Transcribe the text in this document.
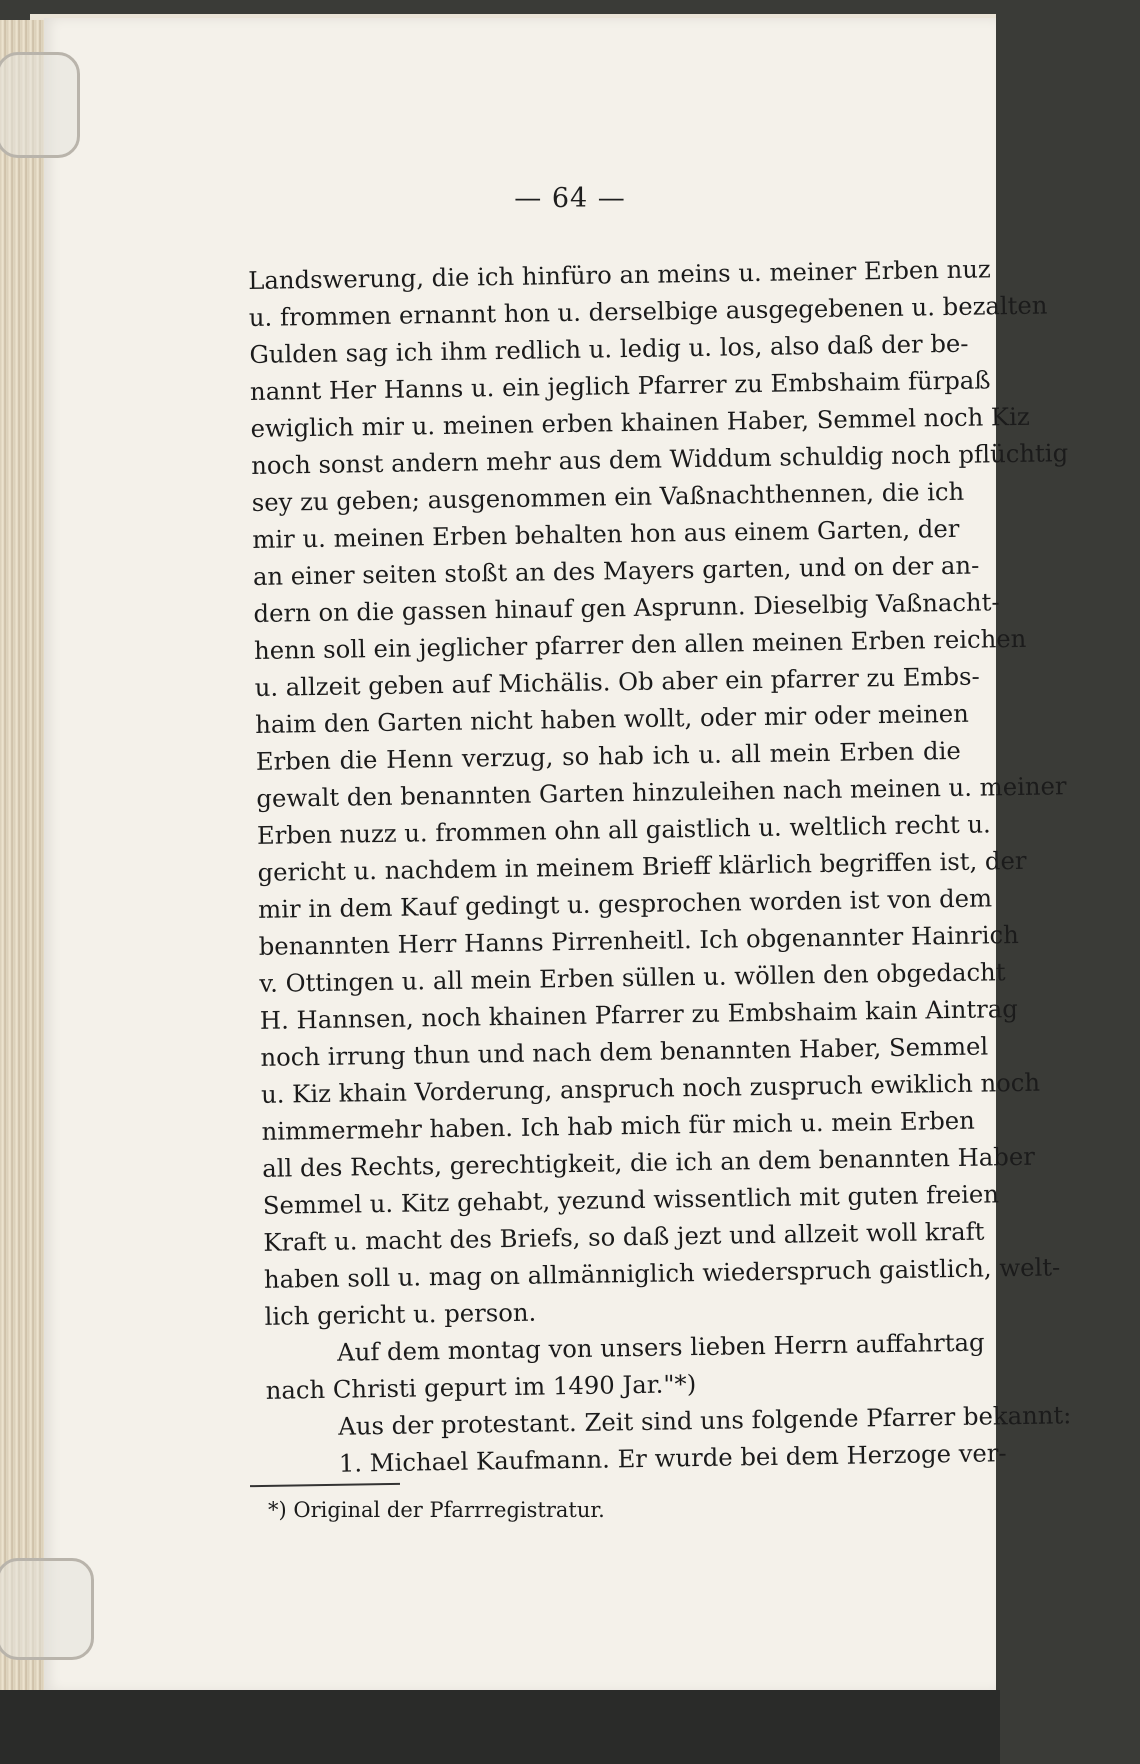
— 64 —
Landswerung, die ich hinfüro an meins u. meiner Erben nuz
u. frommen ernannt hon u. derselbige ausgegebenen u. bezalten
Gulden sag ich ihm redlich u. ledig u. los, also daß der be-
nannt Her Hanns u. ein jeglich Pfarrer zu Embshaim fürpaß
ewiglich mir u. meinen erben khainen Haber, Semmel noch Kiz
noch sonst andern mehr aus dem Widdum schuldig noch pflüchtig
sey zu geben; ausgenommen ein Vaßnachthennen, die ich
mir u. meinen Erben behalten hon aus einem Garten, der
an einer seiten stoßt an des Mayers garten, und on der an-
dern on die gassen hinauf gen Asprunn. Dieselbig Vaßnacht-
henn soll ein jeglicher pfarrer den allen meinen Erben reichen
u. allzeit geben auf Michälis. Ob aber ein pfarrer zu Embs-
haim den Garten nicht haben wollt, oder mir oder meinen
Erben die Henn verzug, so hab ich u. all mein Erben die
gewalt den benannten Garten hinzuleihen nach meinen u. meiner
Erben nuzz u. frommen ohn all gaistlich u. weltlich recht u.
gericht u. nachdem in meinem Brieff klärlich begriffen ist, der
mir in dem Kauf gedingt u. gesprochen worden ist von dem
benannten Herr Hanns Pirrenheitl. Ich obgenannter Hainrich
v. Ottingen u. all mein Erben süllen u. wöllen den obgedacht
H. Hannsen, noch khainen Pfarrer zu Embshaim kain Aintrag
noch irrung thun und nach dem benannten Haber, Semmel
u. Kiz khain Vorderung, anspruch noch zuspruch ewiklich noch
nimmermehr haben. Ich hab mich für mich u. mein Erben
all des Rechts, gerechtigkeit, die ich an dem benannten Haber
Semmel u. Kitz gehabt, yezund wissentlich mit guten freien
Kraft u. macht des Briefs, so daß jezt und allzeit woll kraft
haben soll u. mag on allmänniglich wiederspruch gaistlich, welt-
lich gericht u. person.
Auf dem montag von unsers lieben Herrn auffahrtag
nach Christi gepurt im 1490 Jar."*)
Aus der protestant. Zeit sind uns folgende Pfarrer bekannt:
1. Michael Kaufmann. Er wurde bei dem Herzoge ver-
*) Original der Pfarrregistratur.
